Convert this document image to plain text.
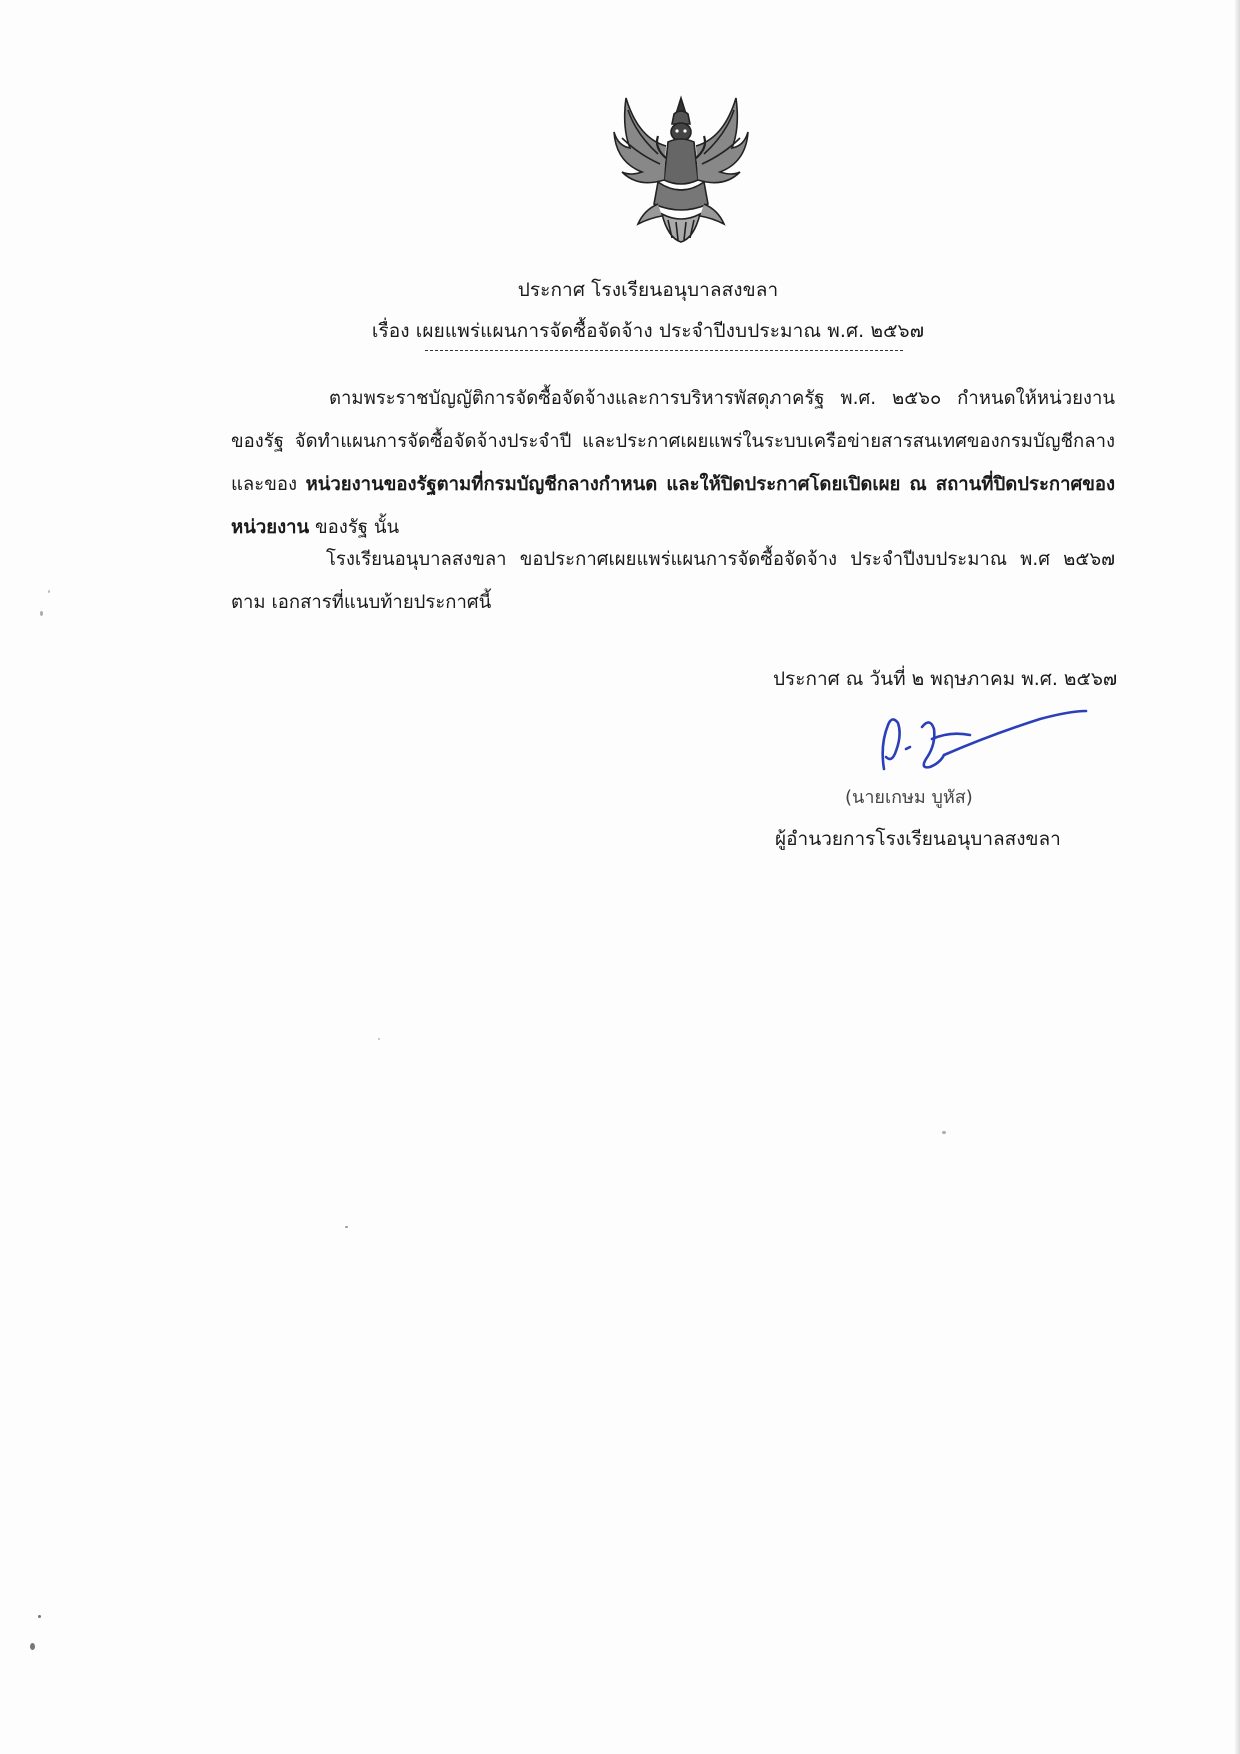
ประกาศ โรงเรียนอนุบาลสงขลา
เรื่อง เผยแพร่แผนการจัดซื้อจัดจ้าง ประจำปีงบประมาณ พ.ศ. ๒๕๖๗
ตามพระราชบัญญัติการจัดซื้อจัดจ้างและการบริหารพัสดุภาครัฐ พ.ศ. ๒๕๖๐ กำหนดให้หน่วยงานของรัฐ จัดทำแผนการจัดซื้อจัดจ้างประจำปี และประกาศเผยแพร่ในระบบเครือข่ายสารสนเทศของกรมบัญชีกลางและของ หน่วยงานของรัฐตามที่กรมบัญชีกลางกำหนด และให้ปิดประกาศโดยเปิดเผย ณ สถานที่ปิดประกาศของหน่วยงาน ของรัฐ นั้น
โรงเรียนอนุบาลสงขลา ขอประกาศเผยแพร่แผนการจัดซื้อจัดจ้าง ประจำปีงบประมาณ พ.ศ ๒๕๖๗ ตาม เอกสารที่แนบท้ายประกาศนี้
ประกาศ ณ วันที่ ๒ พฤษภาคม พ.ศ. ๒๕๖๗
(นายเกษม บูหัส)
ผู้อำนวยการโรงเรียนอนุบาลสงขลา
